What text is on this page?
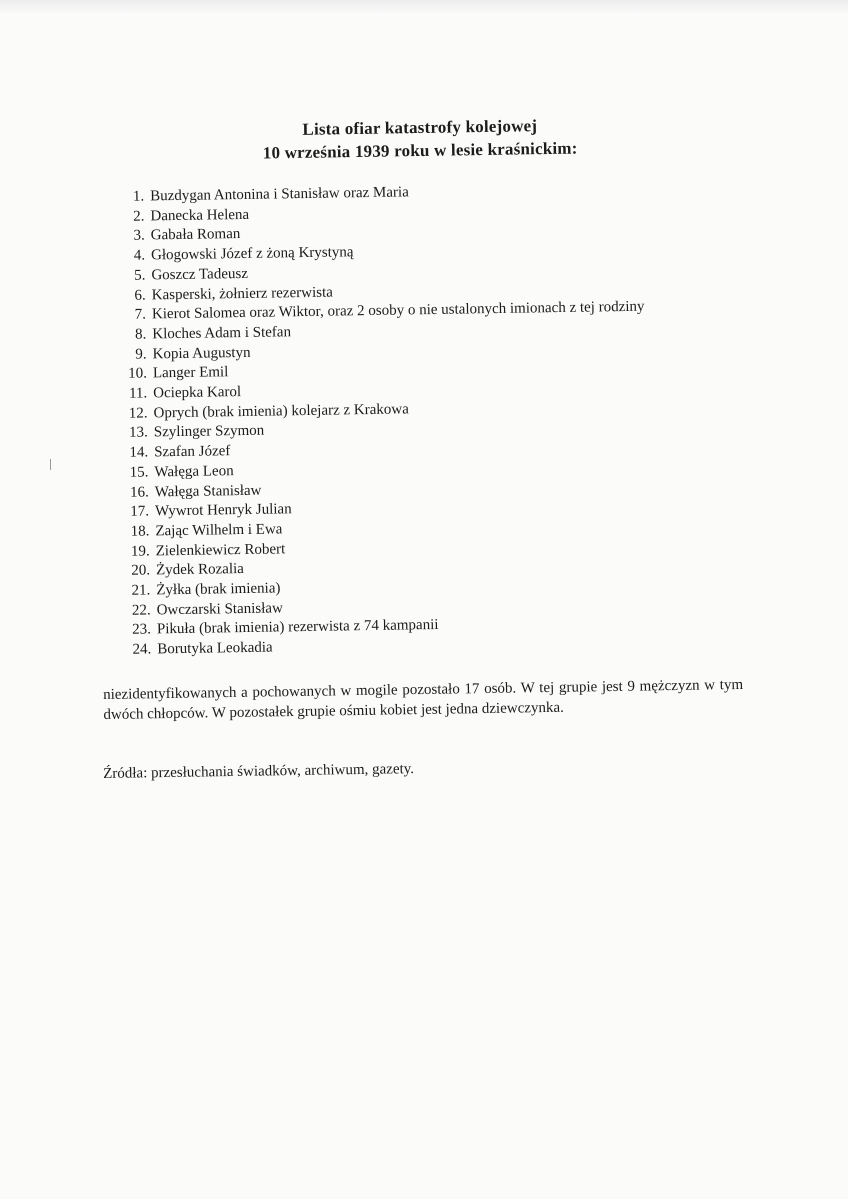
Lista ofiar katastrofy kolejowej
10 września 1939 roku w lesie kraśnickim:
1. Buzdygan Antonina i Stanisław oraz Maria
2. Danecka Helena
3. Gabała Roman
4. Głogowski Józef z żoną Krystyną
5. Goszcz Tadeusz
6. Kasperski, żołnierz rezerwista
7. Kierot Salomea oraz Wiktor, oraz 2 osoby o nie ustalonych imionach z tej rodziny
8. Kloches Adam i Stefan
9. Kopia Augustyn
10. Langer Emil
11. Ociepka Karol
12. Oprych (brak imienia) kolejarz z Krakowa
13. Szylinger Szymon
14. Szafan Józef
15. Wałęga Leon
16. Wałęga Stanisław
17. Wywrot Henryk Julian
18. Zając Wilhelm i Ewa
19. Zielenkiewicz Robert
20. Żydek Rozalia
21. Żyłka (brak imienia)
22. Owczarski Stanisław
23. Pikuła (brak imienia) rezerwista z 74 kampanii
24. Borutyka Leokadia

niezidentyfikowanych a pochowanych w mogile pozostało 17 osób. W tej grupie jest 9 mężczyzn w tym dwóch chłopców. W pozostałek grupie ośmiu kobiet jest jedna dziewczynka.

Źródła: przesłuchania świadków, archiwum, gazety.
